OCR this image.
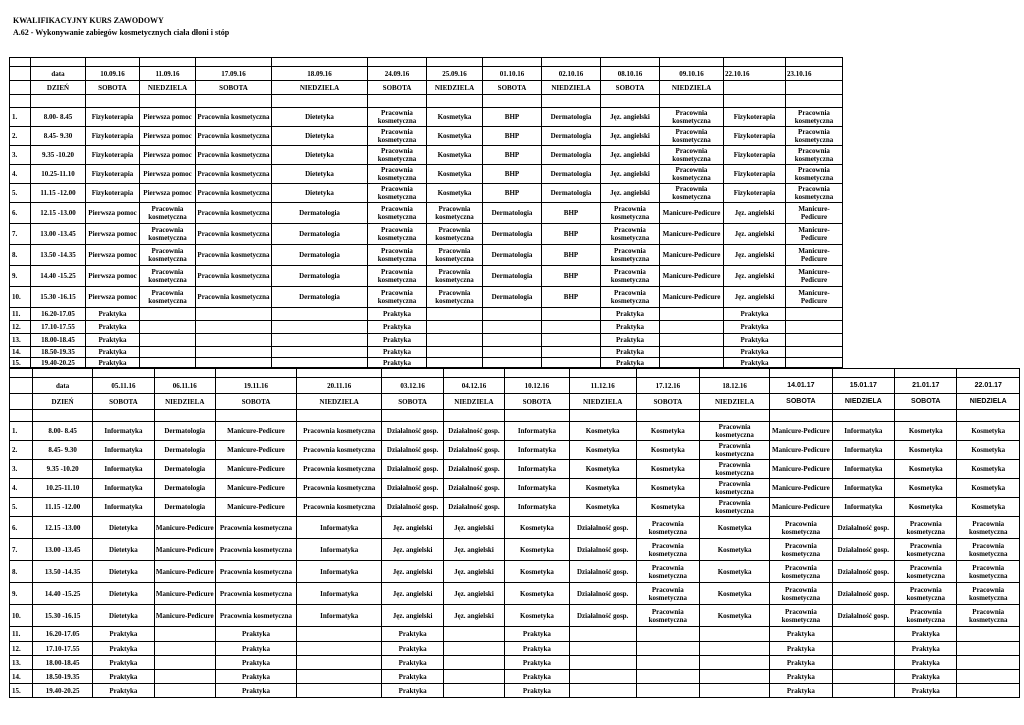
KWALIFIKACYJNY KURS ZAWODOWY
A.62 - Wykonywanie zabiegów kosmetycznych ciała dłoni i stóp

	data	10.09.16	11.09.16	17.09.16	18.09.16	24.09.16	25.09.16	01.10.16	02.10.16	08.10.16	09.10.16	22.10.16	23.10.16
	DZIEŃ	SOBOTA	NIEDZIELA	SOBOTA	NIEDZIELA	SOBOTA	NIEDZIELA	SOBOTA	NIEDZIELA	SOBOTA	NIEDZIELA		

1.	8.00- 8.45	Fizykoterapia	Pierwsza pomoc	Pracownia kosmetyczna	Dietetyka	Pracownia kosmetyczna	Kosmetyka	BHP	Dermatologia	Jęz. angielski	Pracownia kosmetyczna	Fizykoterapia	Pracownia kosmetyczna
2.	8.45- 9.30	Fizykoterapia	Pierwsza pomoc	Pracownia kosmetyczna	Dietetyka	Pracownia kosmetyczna	Kosmetyka	BHP	Dermatologia	Jęz. angielski	Pracownia kosmetyczna	Fizykoterapia	Pracownia kosmetyczna
3.	9.35 -10.20	Fizykoterapia	Pierwsza pomoc	Pracownia kosmetyczna	Dietetyka	Pracownia kosmetyczna	Kosmetyka	BHP	Dermatologia	Jęz. angielski	Pracownia kosmetyczna	Fizykoterapia	Pracownia kosmetyczna
4.	10.25-11.10	Fizykoterapia	Pierwsza pomoc	Pracownia kosmetyczna	Dietetyka	Pracownia kosmetyczna	Kosmetyka	BHP	Dermatologia	Jęz. angielski	Pracownia kosmetyczna	Fizykoterapia	Pracownia kosmetyczna
5.	11.15 -12.00	Fizykoterapia	Pierwsza pomoc	Pracownia kosmetyczna	Dietetyka	Pracownia kosmetyczna	Kosmetyka	BHP	Dermatologia	Jęz. angielski	Pracownia kosmetyczna	Fizykoterapia	Pracownia kosmetyczna
6.	12.15 -13.00	Pierwsza pomoc	Pracownia kosmetyczna	Pracownia kosmetyczna	Dermatologia	Pracownia kosmetyczna	Pracownia kosmetyczna	Dermatologia	BHP	Pracownia kosmetyczna	Manicure-Pedicure	Jęz. angielski	Manicure-Pedicure
7.	13.00 -13.45	Pierwsza pomoc	Pracownia kosmetyczna	Pracownia kosmetyczna	Dermatologia	Pracownia kosmetyczna	Pracownia kosmetyczna	Dermatologia	BHP	Pracownia kosmetyczna	Manicure-Pedicure	Jęz. angielski	Manicure-Pedicure
8.	13.50 -14.35	Pierwsza pomoc	Pracownia kosmetyczna	Pracownia kosmetyczna	Dermatologia	Pracownia kosmetyczna	Pracownia kosmetyczna	Dermatologia	BHP	Pracownia kosmetyczna	Manicure-Pedicure	Jęz. angielski	Manicure-Pedicure
9.	14.40 -15.25	Pierwsza pomoc	Pracownia kosmetyczna	Pracownia kosmetyczna	Dermatologia	Pracownia kosmetyczna	Pracownia kosmetyczna	Dermatologia	BHP	Pracownia kosmetyczna	Manicure-Pedicure	Jęz. angielski	Manicure-Pedicure
10.	15.30 -16.15	Pierwsza pomoc	Pracownia kosmetyczna	Pracownia kosmetyczna	Dermatologia	Pracownia kosmetyczna	Pracownia kosmetyczna	Dermatologia	BHP	Pracownia kosmetyczna	Manicure-Pedicure	Jęz. angielski	Manicure-Pedicure
11.	16.20-17.05	Praktyka				Praktyka				Praktyka		Praktyka	
12.	17.10-17.55	Praktyka				Praktyka				Praktyka		Praktyka	
13.	18.00-18.45	Praktyka				Praktyka				Praktyka		Praktyka	
14.	18.50-19.35	Praktyka				Praktyka				Praktyka		Praktyka	
15.	19.40-20.25	Praktyka				Praktyka				Praktyka		Praktyka	

	data	05.11.16	06.11.16	19.11.16	20.11.16	03.12.16	04.12.16	10.12.16	11.12.16	17.12.16	18.12.16	14.01.17	15.01.17	21.01.17	22.01.17
	DZIEŃ	SOBOTA	NIEDZIELA	SOBOTA	NIEDZIELA	SOBOTA	NIEDZIELA	SOBOTA	NIEDZIELA	SOBOTA	NIEDZIELA	SOBOTA	NIEDZIELA	SOBOTA	NIEDZIELA

1.	8.00- 8.45	Informatyka	Dermatologia	Manicure-Pedicure	Pracownia kosmetyczna	Działalność gosp.	Działalność gosp.	Informatyka	Kosmetyka	Kosmetyka	Pracownia kosmetyczna	Manicure-Pedicure	Informatyka	Kosmetyka	Kosmetyka
2.	8.45- 9.30	Informatyka	Dermatologia	Manicure-Pedicure	Pracownia kosmetyczna	Działalność gosp.	Działalność gosp.	Informatyka	Kosmetyka	Kosmetyka	Pracownia kosmetyczna	Manicure-Pedicure	Informatyka	Kosmetyka	Kosmetyka
3.	9.35 -10.20	Informatyka	Dermatologia	Manicure-Pedicure	Pracownia kosmetyczna	Działalność gosp.	Działalność gosp.	Informatyka	Kosmetyka	Kosmetyka	Pracownia kosmetyczna	Manicure-Pedicure	Informatyka	Kosmetyka	Kosmetyka
4.	10.25-11.10	Informatyka	Dermatologia	Manicure-Pedicure	Pracownia kosmetyczna	Działalność gosp.	Działalność gosp.	Informatyka	Kosmetyka	Kosmetyka	Pracownia kosmetyczna	Manicure-Pedicure	Informatyka	Kosmetyka	Kosmetyka
5.	11.15 -12.00	Informatyka	Dermatologia	Manicure-Pedicure	Pracownia kosmetyczna	Działalność gosp.	Działalność gosp.	Informatyka	Kosmetyka	Kosmetyka	Pracownia kosmetyczna	Manicure-Pedicure	Informatyka	Kosmetyka	Kosmetyka
6.	12.15 -13.00	Dietetyka	Manicure-Pedicure	Pracownia kosmetyczna	Informatyka	Jęz. angielski	Jęz. angielski	Kosmetyka	Działalność gosp.	Pracownia kosmetyczna	Kosmetyka	Pracownia kosmetyczna	Działalność gosp.	Pracownia kosmetyczna	Pracownia kosmetyczna
7.	13.00 -13.45	Dietetyka	Manicure-Pedicure	Pracownia kosmetyczna	Informatyka	Jęz. angielski	Jęz. angielski	Kosmetyka	Działalność gosp.	Pracownia kosmetyczna	Kosmetyka	Pracownia kosmetyczna	Działalność gosp.	Pracownia kosmetyczna	Pracownia kosmetyczna
8.	13.50 -14.35	Dietetyka	Manicure-Pedicure	Pracownia kosmetyczna	Informatyka	Jęz. angielski	Jęz. angielski	Kosmetyka	Działalność gosp.	Pracownia kosmetyczna	Kosmetyka	Pracownia kosmetyczna	Działalność gosp.	Pracownia kosmetyczna	Pracownia kosmetyczna
9.	14.40 -15.25	Dietetyka	Manicure-Pedicure	Pracownia kosmetyczna	Informatyka	Jęz. angielski	Jęz. angielski	Kosmetyka	Działalność gosp.	Pracownia kosmetyczna	Kosmetyka	Pracownia kosmetyczna	Działalność gosp.	Pracownia kosmetyczna	Pracownia kosmetyczna
10.	15.30 -16.15	Dietetyka	Manicure-Pedicure	Pracownia kosmetyczna	Informatyka	Jęz. angielski	Jęz. angielski	Kosmetyka	Działalność gosp.	Pracownia kosmetyczna	Kosmetyka	Pracownia kosmetyczna	Działalność gosp.	Pracownia kosmetyczna	Pracownia kosmetyczna
11.	16.20-17.05	Praktyka		Praktyka		Praktyka		Praktyka				Praktyka		Praktyka	
12.	17.10-17.55	Praktyka		Praktyka		Praktyka		Praktyka				Praktyka		Praktyka	
13.	18.00-18.45	Praktyka		Praktyka		Praktyka		Praktyka				Praktyka		Praktyka	
14.	18.50-19.35	Praktyka		Praktyka		Praktyka		Praktyka				Praktyka		Praktyka	
15.	19.40-20.25	Praktyka		Praktyka		Praktyka		Praktyka				Praktyka		Praktyka	
